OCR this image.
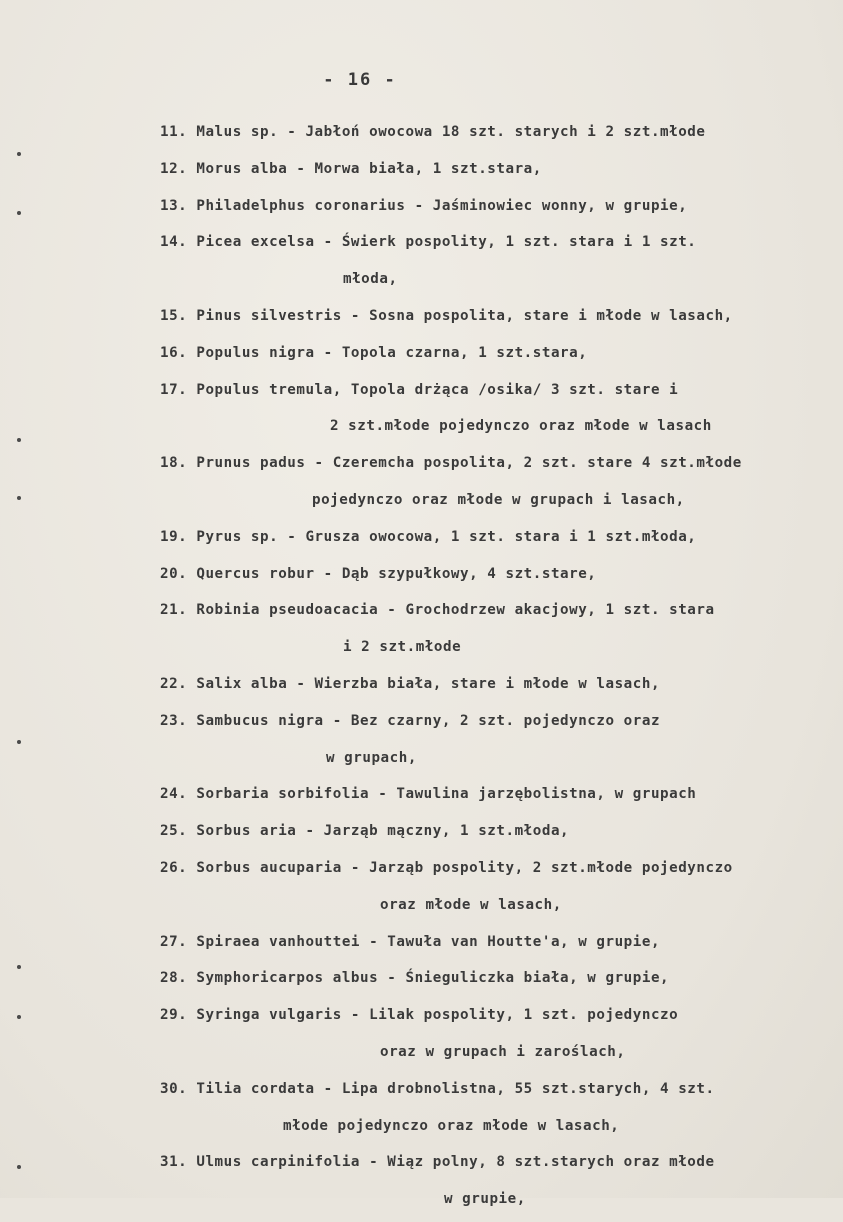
- 16 -
11. Malus sp. - Jabłoń owocowa 18 szt. starych i 2 szt.młode
12. Morus alba - Morwa biała, 1 szt.stara,
13. Philadelphus coronarius - Jaśminowiec wonny, w grupie,
14. Picea excelsa - Świerk pospolity, 1 szt. stara i 1 szt.
młoda,
15. Pinus silvestris - Sosna pospolita, stare i młode w lasach,
16. Populus nigra - Topola czarna, 1 szt.stara,
17. Populus tremula, Topola drżąca /osika/ 3 szt. stare i
2 szt.młode pojedynczo oraz młode w lasach
18. Prunus padus - Czeremcha pospolita, 2 szt. stare 4 szt.młode
pojedynczo oraz młode w grupach i lasach,
19. Pyrus sp. - Grusza owocowa, 1 szt. stara i 1 szt.młoda,
20. Quercus robur - Dąb szypułkowy, 4 szt.stare,
21. Robinia pseudoacacia - Grochodrzew akacjowy, 1 szt. stara
i 2 szt.młode
22. Salix alba - Wierzba biała, stare i młode w lasach,
23. Sambucus nigra - Bez czarny, 2 szt. pojedynczo oraz
w grupach,
24. Sorbaria sorbifolia - Tawulina jarzębolistna, w grupach
25. Sorbus aria - Jarząb mączny, 1 szt.młoda,
26. Sorbus aucuparia - Jarząb pospolity, 2 szt.młode pojedynczo
oraz młode w lasach,
27. Spiraea vanhouttei - Tawuła van Houtte'a, w grupie,
28. Symphoricarpos albus - Śnieguliczka biała, w grupie,
29. Syringa vulgaris - Lilak pospolity, 1 szt. pojedynczo
oraz w grupach i zaroślach,
30. Tilia cordata - Lipa drobnolistna, 55 szt.starych, 4 szt.
młode pojedynczo oraz młode w lasach,
31. Ulmus carpinifolia - Wiąz polny, 8 szt.starych oraz młode
w grupie,
